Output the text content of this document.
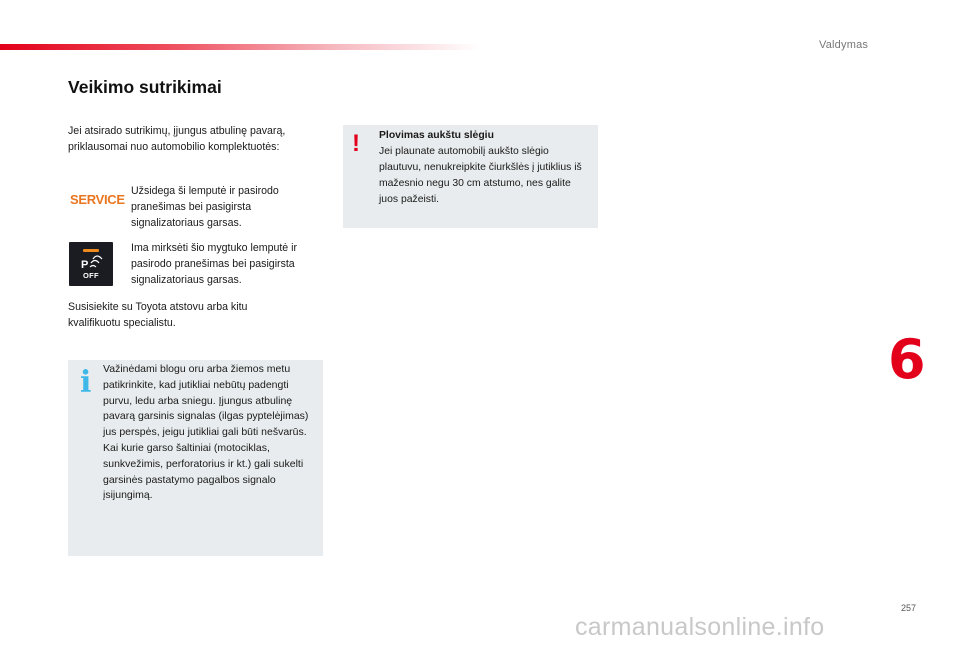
Valdymas
Veikimo sutrikimai
Jei atsirado sutrikimų, įjungus atbulinę pavarą, priklausomai nuo automobilio komplektuotės:
SERVICE
Užsidega ši lemputė ir pasirodo pranešimas bei pasigirsta signalizatoriaus garsas.
P
OFF
Ima mirksėti šio mygtuko lemputė ir pasirodo pranešimas bei pasigirsta signalizatoriaus garsas.
Susisiekite su Toyota atstovu arba kitu kvalifikuotu specialistu.
i Važinėdami blogu oru arba žiemos metu patikrinkite, kad jutikliai nebūtų padengti purvu, ledu arba sniegu. Įjungus atbulinę pavarą garsinis signalas (ilgas pyptelėjimas) jus perspės, jeigu jutikliai gali būti nešvarūs. Kai kurie garso šaltiniai (motociklas, sunkvežimis, perforatorius ir kt.) gali sukelti garsinės pastatymo pagalbos signalo įsijungimą.
! Plovimas aukštu slėgiu
Jei plaunate automobilį aukšto slėgio plautuvu, nenukreipkite čiurkšlės į jutiklius iš mažesnio negu 30 cm atstumo, nes galite juos pažeisti.
6
257
carmanualsonline.info
